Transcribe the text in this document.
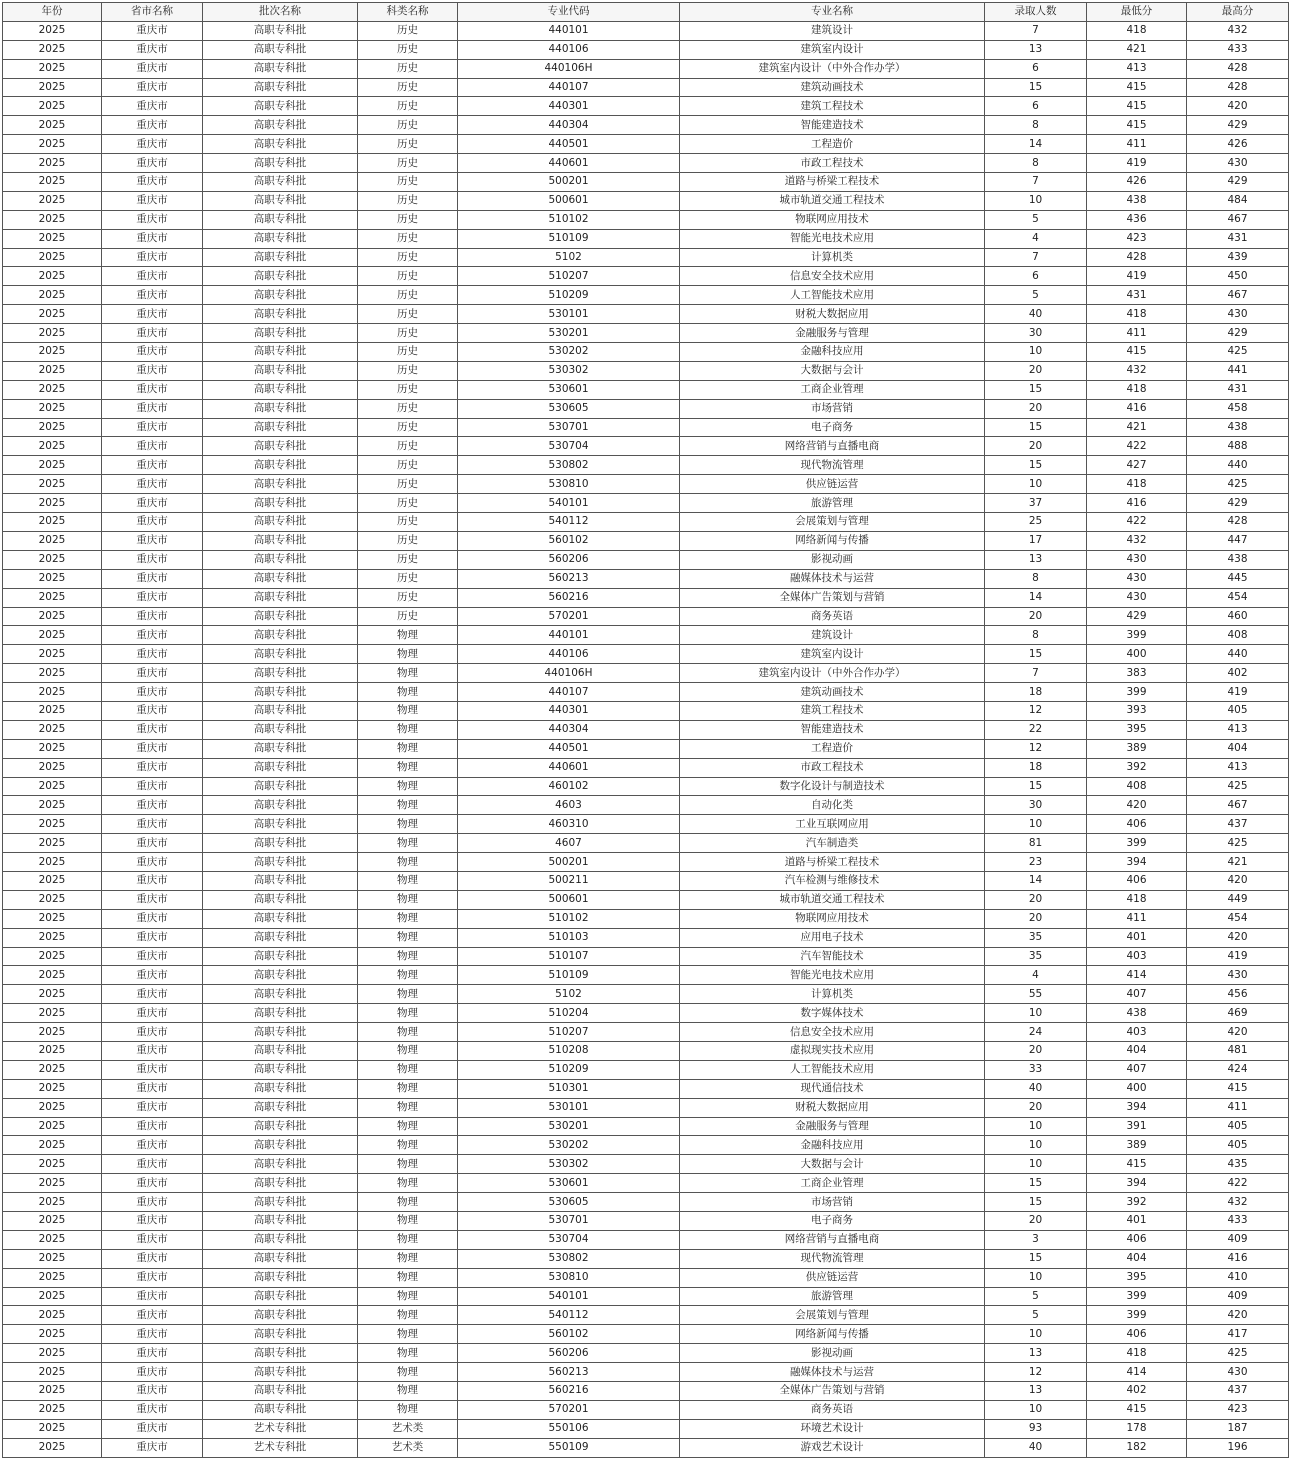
年份	省市名称	批次名称	科类名称	专业代码	专业名称	录取人数	最低分	最高分
2025	重庆市	高职专科批	历史	440101	建筑设计	7	418	432
2025	重庆市	高职专科批	历史	440106	建筑室内设计	13	421	433
2025	重庆市	高职专科批	历史	440106H	建筑室内设计（中外合作办学）	6	413	428
2025	重庆市	高职专科批	历史	440107	建筑动画技术	15	415	428
2025	重庆市	高职专科批	历史	440301	建筑工程技术	6	415	420
2025	重庆市	高职专科批	历史	440304	智能建造技术	8	415	429
2025	重庆市	高职专科批	历史	440501	工程造价	14	411	426
2025	重庆市	高职专科批	历史	440601	市政工程技术	8	419	430
2025	重庆市	高职专科批	历史	500201	道路与桥梁工程技术	7	426	429
2025	重庆市	高职专科批	历史	500601	城市轨道交通工程技术	10	438	484
2025	重庆市	高职专科批	历史	510102	物联网应用技术	5	436	467
2025	重庆市	高职专科批	历史	510109	智能光电技术应用	4	423	431
2025	重庆市	高职专科批	历史	5102	计算机类	7	428	439
2025	重庆市	高职专科批	历史	510207	信息安全技术应用	6	419	450
2025	重庆市	高职专科批	历史	510209	人工智能技术应用	5	431	467
2025	重庆市	高职专科批	历史	530101	财税大数据应用	40	418	430
2025	重庆市	高职专科批	历史	530201	金融服务与管理	30	411	429
2025	重庆市	高职专科批	历史	530202	金融科技应用	10	415	425
2025	重庆市	高职专科批	历史	530302	大数据与会计	20	432	441
2025	重庆市	高职专科批	历史	530601	工商企业管理	15	418	431
2025	重庆市	高职专科批	历史	530605	市场营销	20	416	458
2025	重庆市	高职专科批	历史	530701	电子商务	15	421	438
2025	重庆市	高职专科批	历史	530704	网络营销与直播电商	20	422	488
2025	重庆市	高职专科批	历史	530802	现代物流管理	15	427	440
2025	重庆市	高职专科批	历史	530810	供应链运营	10	418	425
2025	重庆市	高职专科批	历史	540101	旅游管理	37	416	429
2025	重庆市	高职专科批	历史	540112	会展策划与管理	25	422	428
2025	重庆市	高职专科批	历史	560102	网络新闻与传播	17	432	447
2025	重庆市	高职专科批	历史	560206	影视动画	13	430	438
2025	重庆市	高职专科批	历史	560213	融媒体技术与运营	8	430	445
2025	重庆市	高职专科批	历史	560216	全媒体广告策划与营销	14	430	454
2025	重庆市	高职专科批	历史	570201	商务英语	20	429	460
2025	重庆市	高职专科批	物理	440101	建筑设计	8	399	408
2025	重庆市	高职专科批	物理	440106	建筑室内设计	15	400	440
2025	重庆市	高职专科批	物理	440106H	建筑室内设计（中外合作办学）	7	383	402
2025	重庆市	高职专科批	物理	440107	建筑动画技术	18	399	419
2025	重庆市	高职专科批	物理	440301	建筑工程技术	12	393	405
2025	重庆市	高职专科批	物理	440304	智能建造技术	22	395	413
2025	重庆市	高职专科批	物理	440501	工程造价	12	389	404
2025	重庆市	高职专科批	物理	440601	市政工程技术	18	392	413
2025	重庆市	高职专科批	物理	460102	数字化设计与制造技术	15	408	425
2025	重庆市	高职专科批	物理	4603	自动化类	30	420	467
2025	重庆市	高职专科批	物理	460310	工业互联网应用	10	406	437
2025	重庆市	高职专科批	物理	4607	汽车制造类	81	399	425
2025	重庆市	高职专科批	物理	500201	道路与桥梁工程技术	23	394	421
2025	重庆市	高职专科批	物理	500211	汽车检测与维修技术	14	406	420
2025	重庆市	高职专科批	物理	500601	城市轨道交通工程技术	20	418	449
2025	重庆市	高职专科批	物理	510102	物联网应用技术	20	411	454
2025	重庆市	高职专科批	物理	510103	应用电子技术	35	401	420
2025	重庆市	高职专科批	物理	510107	汽车智能技术	35	403	419
2025	重庆市	高职专科批	物理	510109	智能光电技术应用	4	414	430
2025	重庆市	高职专科批	物理	5102	计算机类	55	407	456
2025	重庆市	高职专科批	物理	510204	数字媒体技术	10	438	469
2025	重庆市	高职专科批	物理	510207	信息安全技术应用	24	403	420
2025	重庆市	高职专科批	物理	510208	虚拟现实技术应用	20	404	481
2025	重庆市	高职专科批	物理	510209	人工智能技术应用	33	407	424
2025	重庆市	高职专科批	物理	510301	现代通信技术	40	400	415
2025	重庆市	高职专科批	物理	530101	财税大数据应用	20	394	411
2025	重庆市	高职专科批	物理	530201	金融服务与管理	10	391	405
2025	重庆市	高职专科批	物理	530202	金融科技应用	10	389	405
2025	重庆市	高职专科批	物理	530302	大数据与会计	10	415	435
2025	重庆市	高职专科批	物理	530601	工商企业管理	15	394	422
2025	重庆市	高职专科批	物理	530605	市场营销	15	392	432
2025	重庆市	高职专科批	物理	530701	电子商务	20	401	433
2025	重庆市	高职专科批	物理	530704	网络营销与直播电商	3	406	409
2025	重庆市	高职专科批	物理	530802	现代物流管理	15	404	416
2025	重庆市	高职专科批	物理	530810	供应链运营	10	395	410
2025	重庆市	高职专科批	物理	540101	旅游管理	5	399	409
2025	重庆市	高职专科批	物理	540112	会展策划与管理	5	399	420
2025	重庆市	高职专科批	物理	560102	网络新闻与传播	10	406	417
2025	重庆市	高职专科批	物理	560206	影视动画	13	418	425
2025	重庆市	高职专科批	物理	560213	融媒体技术与运营	12	414	430
2025	重庆市	高职专科批	物理	560216	全媒体广告策划与营销	13	402	437
2025	重庆市	高职专科批	物理	570201	商务英语	10	415	423
2025	重庆市	艺术专科批	艺术类	550106	环境艺术设计	93	178	187
2025	重庆市	艺术专科批	艺术类	550109	游戏艺术设计	40	182	196
